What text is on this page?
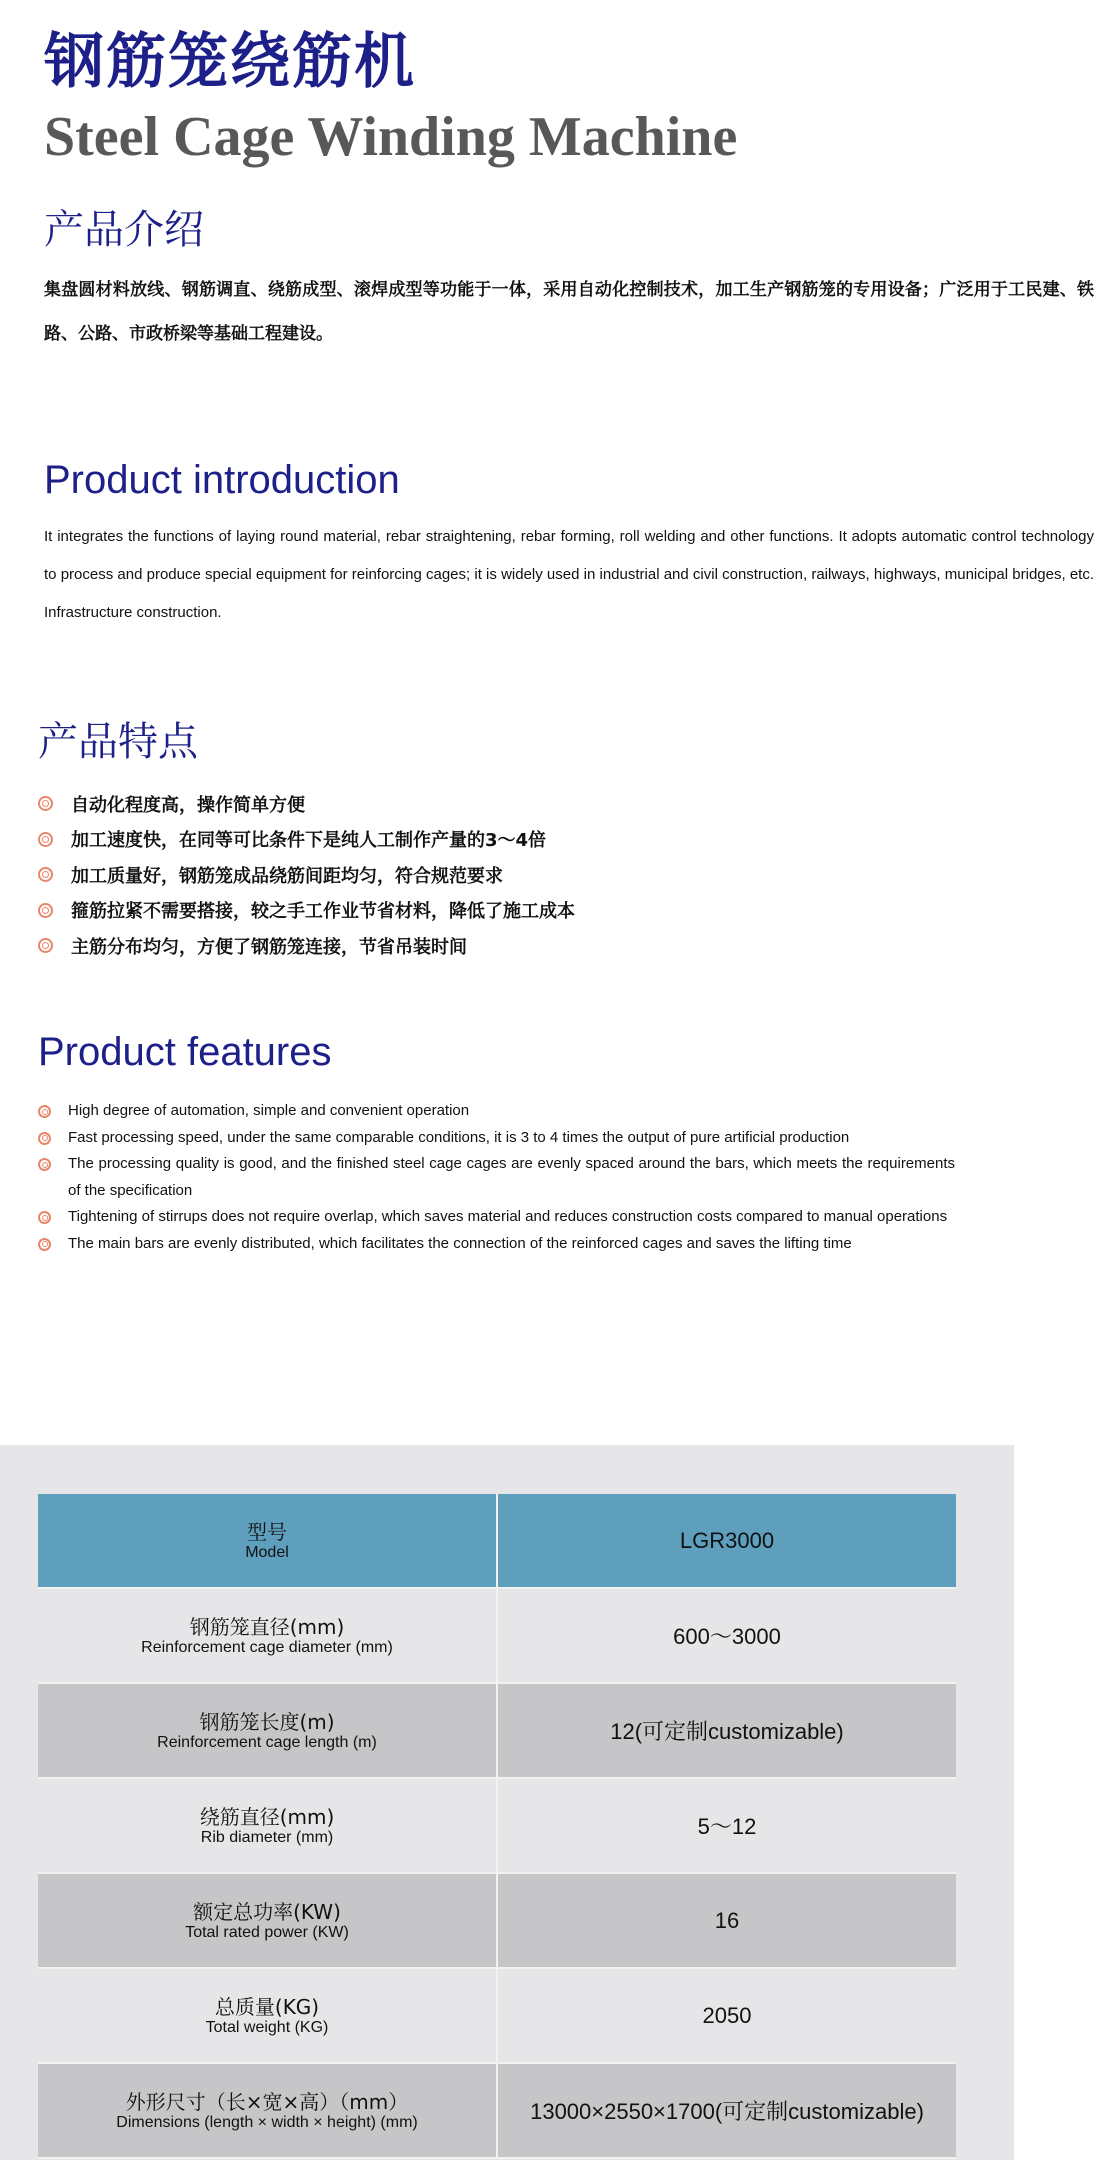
钢筋笼绕筋机
Steel Cage Winding Machine
产品介绍

集盘圆材料放线、钢筋调直、绕筋成型、滚焊成型等功能于一体，采用自动化控制技术，加工生产钢筋笼的专用设备；广泛用于工民建、铁路、公路、市政桥梁等基础工程建设。

Product introduction

It integrates the functions of laying round material, rebar straightening, rebar forming, roll welding and other functions. It adopts automatic control technology to process and produce special equipment for reinforcing cages; it is widely used in industrial and civil construction, railways, highways, municipal bridges, etc. Infrastructure construction.

产品特点
自动化程度高，操作简单方便
加工速度快，在同等可比条件下是纯人工制作产量的3～4倍
加工质量好，钢筋笼成品绕筋间距均匀，符合规范要求
箍筋拉紧不需要搭接，较之手工作业节省材料，降低了施工成本
主筋分布均匀，方便了钢筋笼连接，节省吊装时间
Product features
High degree of automation, simple and convenient operation
Fast processing speed, under the same comparable conditions, it is 3 to 4 times the output of pure artificial production
The processing quality is good, and the finished steel cage cages are evenly spaced around the bars, which meets the requirements of the specification
Tightening of stirrups does not require overlap, which saves material and reduces construction costs compared to manual operations
The main bars are evenly distributed, which facilitates the connection of the reinforced cages and saves the lifting time
型号
Model	LGR3000
钢筋笼直径(mm)
Reinforcement cage diameter (mm)	600～3000
钢筋笼长度(m)
Reinforcement cage length (m)	12(可定制customizable)
绕筋直径(mm)
Rib diameter (mm)	5～12
额定总功率(KW)
Total rated power (KW)	16
总质量(KG)
Total weight (KG)	2050
外形尺寸（长×宽×高）（mm）
Dimensions (length × width × height) (mm)	13000×2550×1700(可定制customizable)
